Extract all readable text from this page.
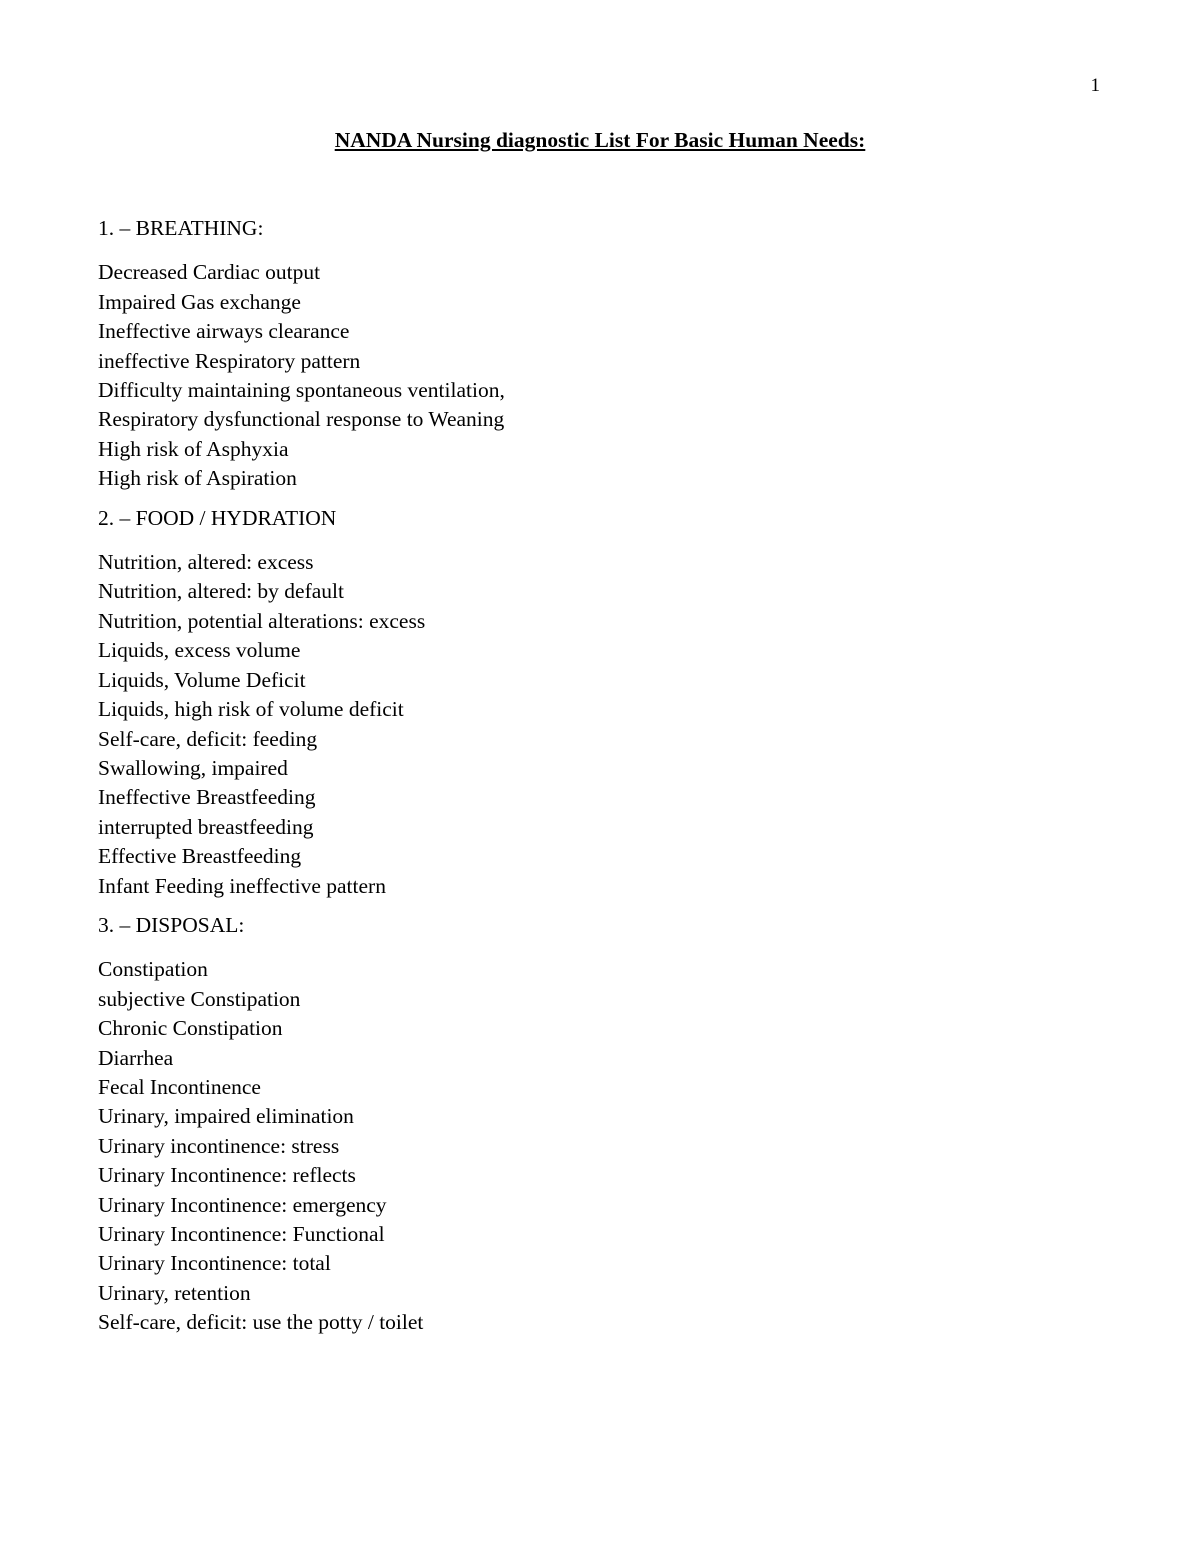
1
NANDA Nursing diagnostic List For Basic Human Needs:
1. – BREATHING:
Decreased Cardiac output
Impaired Gas exchange
Ineffective airways clearance
ineffective Respiratory pattern
Difficulty maintaining spontaneous ventilation,
Respiratory dysfunctional response to Weaning
High risk of Asphyxia
High risk of Aspiration
2. – FOOD / HYDRATION
Nutrition, altered: excess
Nutrition, altered: by default
Nutrition, potential alterations: excess
Liquids, excess volume
Liquids, Volume Deficit
Liquids, high risk of volume deficit
Self-care, deficit: feeding
Swallowing, impaired
Ineffective Breastfeeding
interrupted breastfeeding
Effective Breastfeeding
Infant Feeding ineffective pattern
3. – DISPOSAL:
Constipation
subjective Constipation
Chronic Constipation
Diarrhea
Fecal Incontinence
Urinary, impaired elimination
Urinary incontinence: stress
Urinary Incontinence: reflects
Urinary Incontinence: emergency
Urinary Incontinence: Functional
Urinary Incontinence: total
Urinary, retention
Self-care, deficit: use the potty / toilet
